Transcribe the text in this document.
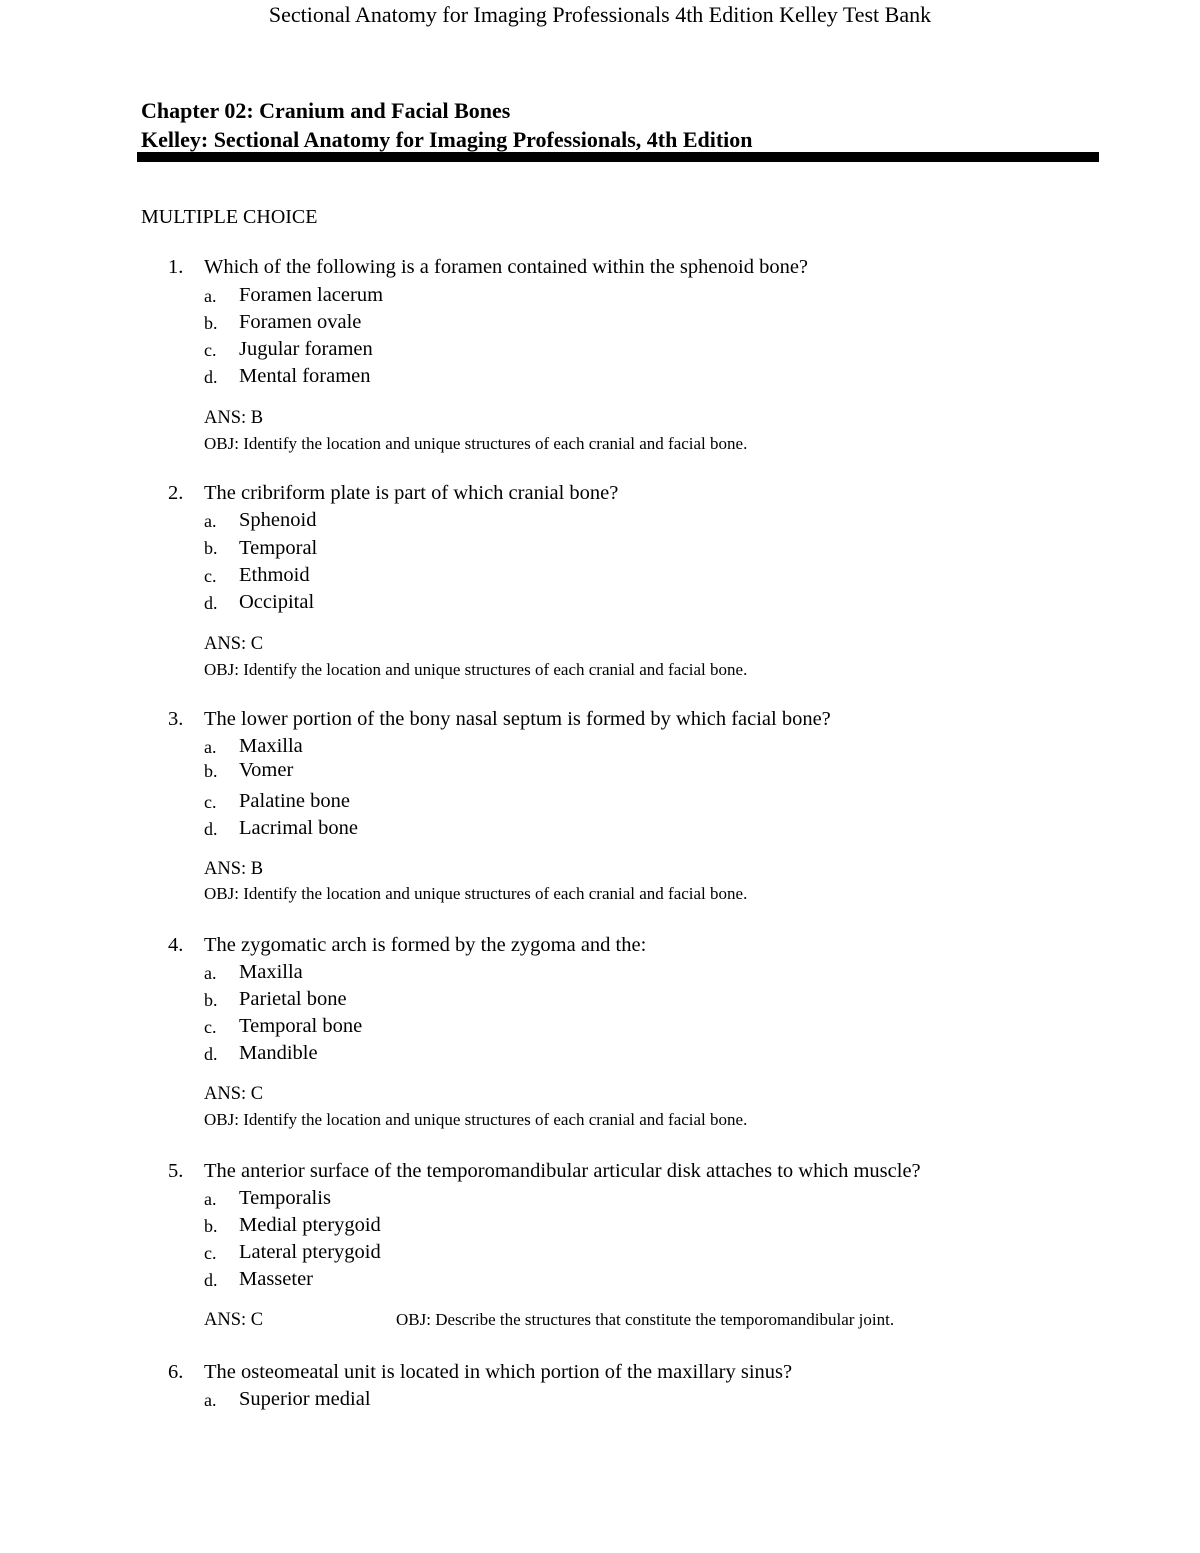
Sectional Anatomy for Imaging Professionals 4th Edition Kelley Test Bank

Chapter 02: Cranium and Facial Bones

Kelley: Sectional Anatomy for Imaging Professionals, 4th Edition

MULTIPLE CHOICE
1. Which of the following is a foramen contained within the sphenoid bone?
a. Foramen lacerum
b. Foramen ovale
c. Jugular foramen
d. Mental foramen
ANS: B
OBJ: Identify the location and unique structures of each cranial and facial bone.
2. The cribriform plate is part of which cranial bone?
a. Sphenoid
b. Temporal
c. Ethmoid
d. Occipital
ANS: C
OBJ: Identify the location and unique structures of each cranial and facial bone.
3. The lower portion of the bony nasal septum is formed by which facial bone?
a. Maxilla
b. Vomer
c. Palatine bone
d. Lacrimal bone
ANS: B
OBJ: Identify the location and unique structures of each cranial and facial bone.
4. The zygomatic arch is formed by the zygoma and the:
a. Maxilla
b. Parietal bone
c. Temporal bone
d. Mandible
ANS: C
OBJ: Identify the location and unique structures of each cranial and facial bone.
5. The anterior surface of the temporomandibular articular disk attaches to which muscle?
a. Temporalis
b. Medial pterygoid
c. Lateral pterygoid
d. Masseter
ANS: C	OBJ: Describe the structures that constitute the temporomandibular joint.
6. The osteomeatal unit is located in which portion of the maxillary sinus?
a. Superior medial
